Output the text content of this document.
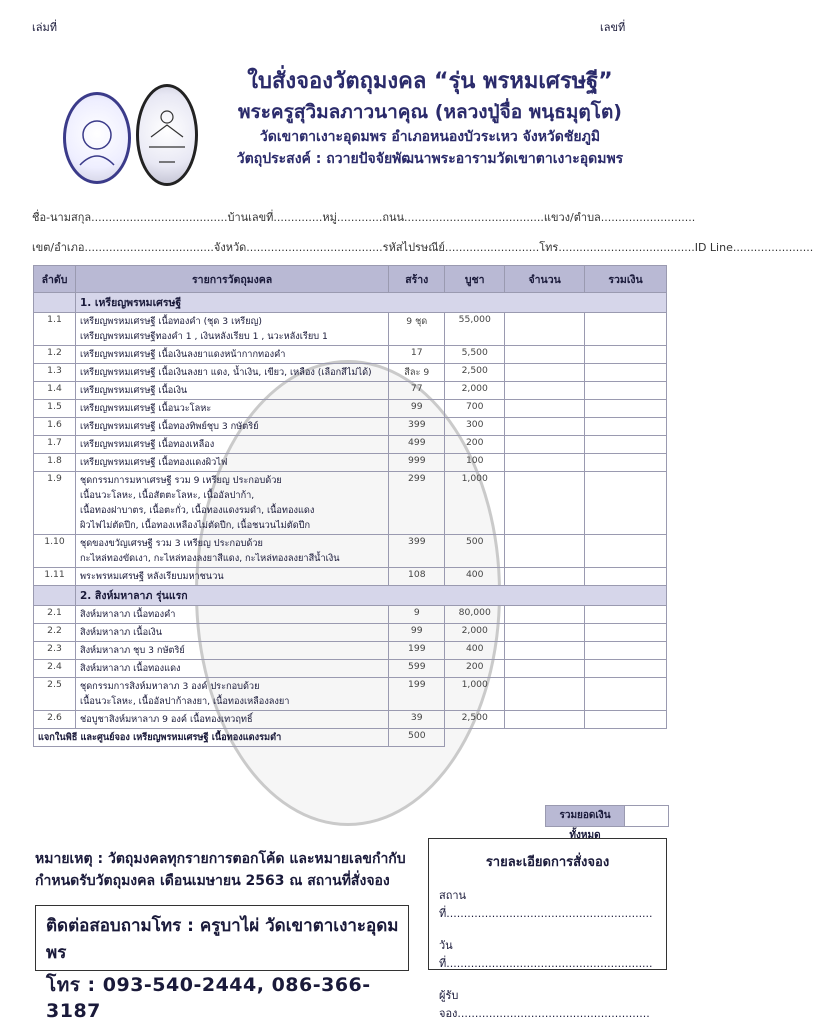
เล่มที่	เลขที่
ใบสั่งจองวัตถุมงคล “รุ่น พรหมเศรษฐี”
พระครูสุวิมลภาวนาคุณ (หลวงปู่จื่อ พนฺธมุตฺโต)
วัดเขาตาเงาะอุดมพร อำเภอหนองบัวระเหว จังหวัดชัยภูมิ
วัตถุประสงค์ : ถวายปัจจัยพัฒนาพระอารามวัดเขาตาเงาะอุดมพร
ชื่อ-นามสกุล.......................................บ้านเลขที่..............หมู่.............ถนน........................................แขวง/ตำบล...........................
เขต/อำเภอ.....................................จังหวัด.......................................รหัสไปรษณีย์...........................โทร.......................................ID Line.......................
ลำดับ	รายการวัตถุมงคล	สร้าง	บูชา	จำนวน	รวมเงิน
	1. เหรียญพรหมเศรษฐี				
1.1	เหรียญพรหมเศรษฐี เนื้อทองคำ (ชุด 3 เหรียญ)
เหรียญพรหมเศรษฐีทองคำ 1 , เงินหลังเรียบ 1 , นวะหลังเรียบ 1	9 ชุด	55,000		
1.2	เหรียญพรหมเศรษฐี เนื้อเงินลงยาแดงหน้ากากทองคำ	17	5,500		
1.3	เหรียญพรหมเศรษฐี เนื้อเงินลงยา แดง, น้ำเงิน, เขียว, เหลือง (เลือกสีไม่ได้)	สีละ 9	2,500		
1.4	เหรียญพรหมเศรษฐี เนื้อเงิน	77	2,000		
1.5	เหรียญพรหมเศรษฐี เนื้อนวะโลหะ	99	700		
1.6	เหรียญพรหมเศรษฐี เนื้อทองทิพย์ชุบ 3 กษัตริย์	399	300		
1.7	เหรียญพรหมเศรษฐี เนื้อทองเหลือง	499	200		
1.8	เหรียญพรหมเศรษฐี เนื้อทองแดงผิวไฟ	999	100		
1.9	ชุดกรรมการมหาเศรษฐี รวม 9 เหรียญ ประกอบด้วย
เนื้อนวะโลหะ, เนื้อสัตตะโลหะ, เนื้ออัลปาก้า,
เนื้อทองฝาบาตร, เนื้อตะกั่ว, เนื้อทองแดงรมดำ, เนื้อทองแดง
ผิวไฟไม่ตัดปีก, เนื้อทองเหลืองไม่ตัดปีก, เนื้อชนวนไม่ตัดปีก	299	1,000		
1.10	ชุดของขวัญเศรษฐี รวม 3 เหรียญ ประกอบด้วย
กะไหล่ทองขัดเงา, กะไหล่ทองลงยาสีแดง, กะไหล่ทองลงยาสีน้ำเงิน	399	500		
1.11	พระพรหมเศรษฐี หลังเรียบมหาชนวน	108	400		
	2. สิงห์มหาลาภ รุ่นแรก				
2.1	สิงห์มหาลาภ เนื้อทองคำ	9	80,000		
2.2	สิงห์มหาลาภ เนื้อเงิน	99	2,000		
2.3	สิงห์มหาลาภ ชุบ 3 กษัตริย์	199	400		
2.4	สิงห์มหาลาภ เนื้อทองแดง	599	200		
2.5	ชุดกรรมการสิงห์มหาลาภ 3 องค์ ประกอบด้วย
เนื้อนวะโลหะ, เนื้ออัลปาก้าลงยา, เนื้อทองเหลืองลงยา	199	1,000		
2.6	ช่อบูชาสิงห์มหาลาภ 9 องค์ เนื้อทองเทวฤทธิ์	39	2,500		
แจกในพิธี และศูนย์จอง เหรียญพรหมเศรษฐี เนื้อทองแดงรมดำ		500			
รวมยอดเงินทั้งหมด
หมายเหตุ : วัตถุมงคลทุกรายการตอกโค้ด และหมายเลขกำกับ
กำหนดรับวัตถุมงคล เดือนเมษายน 2563 ณ สถานที่สั่งจอง
ติดต่อสอบถามโทร : ครูบาไผ่ วัดเขาตาเงาะอุดมพร
โทร : 093-540-2444, 086-366-3187
รายละเอียดการสั่งจอง
สถานที่...........................................................
วันที่...........................................................
ผู้รับจอง.......................................................
